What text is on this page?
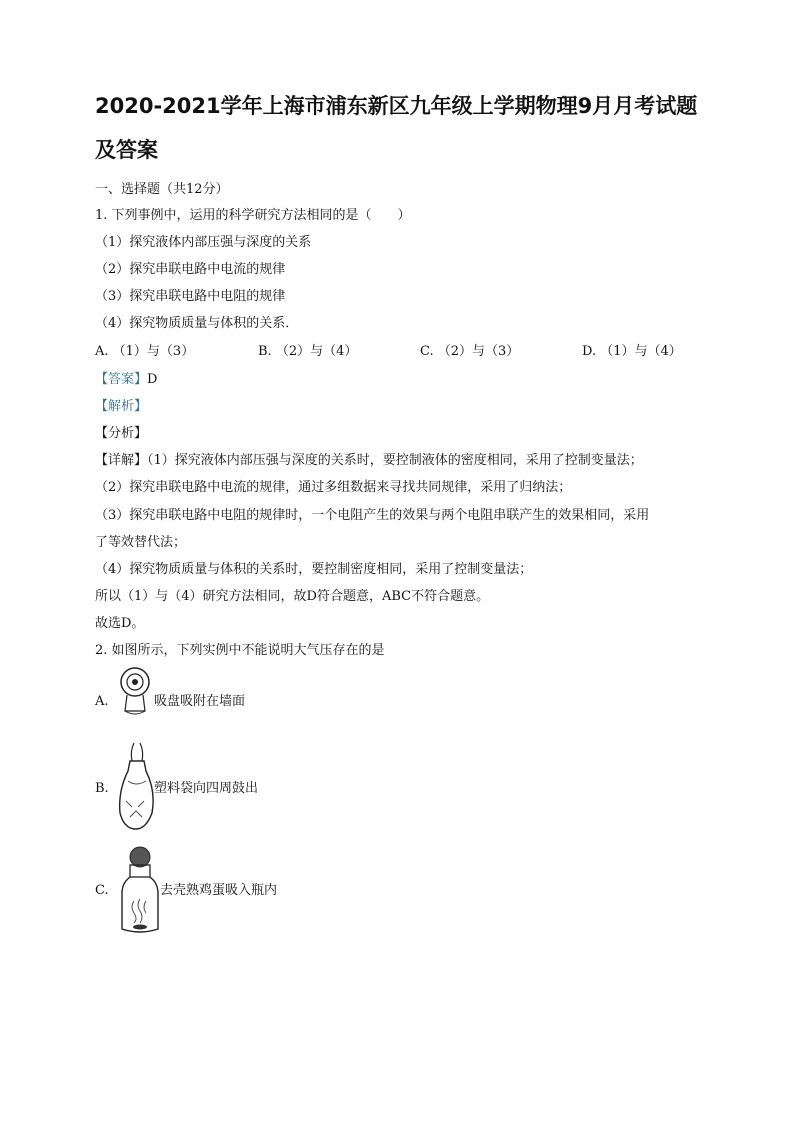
2020-2021学年上海市浦东新区九年级上学期物理9月月考试题
及答案
一、选择题（共12分）
1. 下列事例中，运用的科学研究方法相同的是（　　）
（1）探究液体内部压强与深度的关系
（2）探究串联电路中电流的规律
（3）探究串联电路中电阻的规律
（4）探究物质质量与体积的关系．
A. （1）与（3）	B. （2）与（4）	C. （2）与（3）	D. （1）与（4）
【答案】D
【解析】
【分析】
【详解】（1）探究液体内部压强与深度的关系时，要控制液体的密度相同，采用了控制变量法；
（2）探究串联电路中电流的规律，通过多组数据来寻找共同规律，采用了归纳法；
（3）探究串联电路中电阻的规律时，一个电阻产生的效果与两个电阻串联产生的效果相同，采用
了等效替代法；
（4）探究物质质量与体积的关系时，要控制密度相同，采用了控制变量法；
所以（1）与（4）研究方法相同，故D符合题意，ABC不符合题意。
故选D。
2. 如图所示，下列实例中不能说明大气压存在的是
A.	吸盘吸附在墙面
B.	塑料袋向四周鼓出
C.	去壳熟鸡蛋吸入瓶内
